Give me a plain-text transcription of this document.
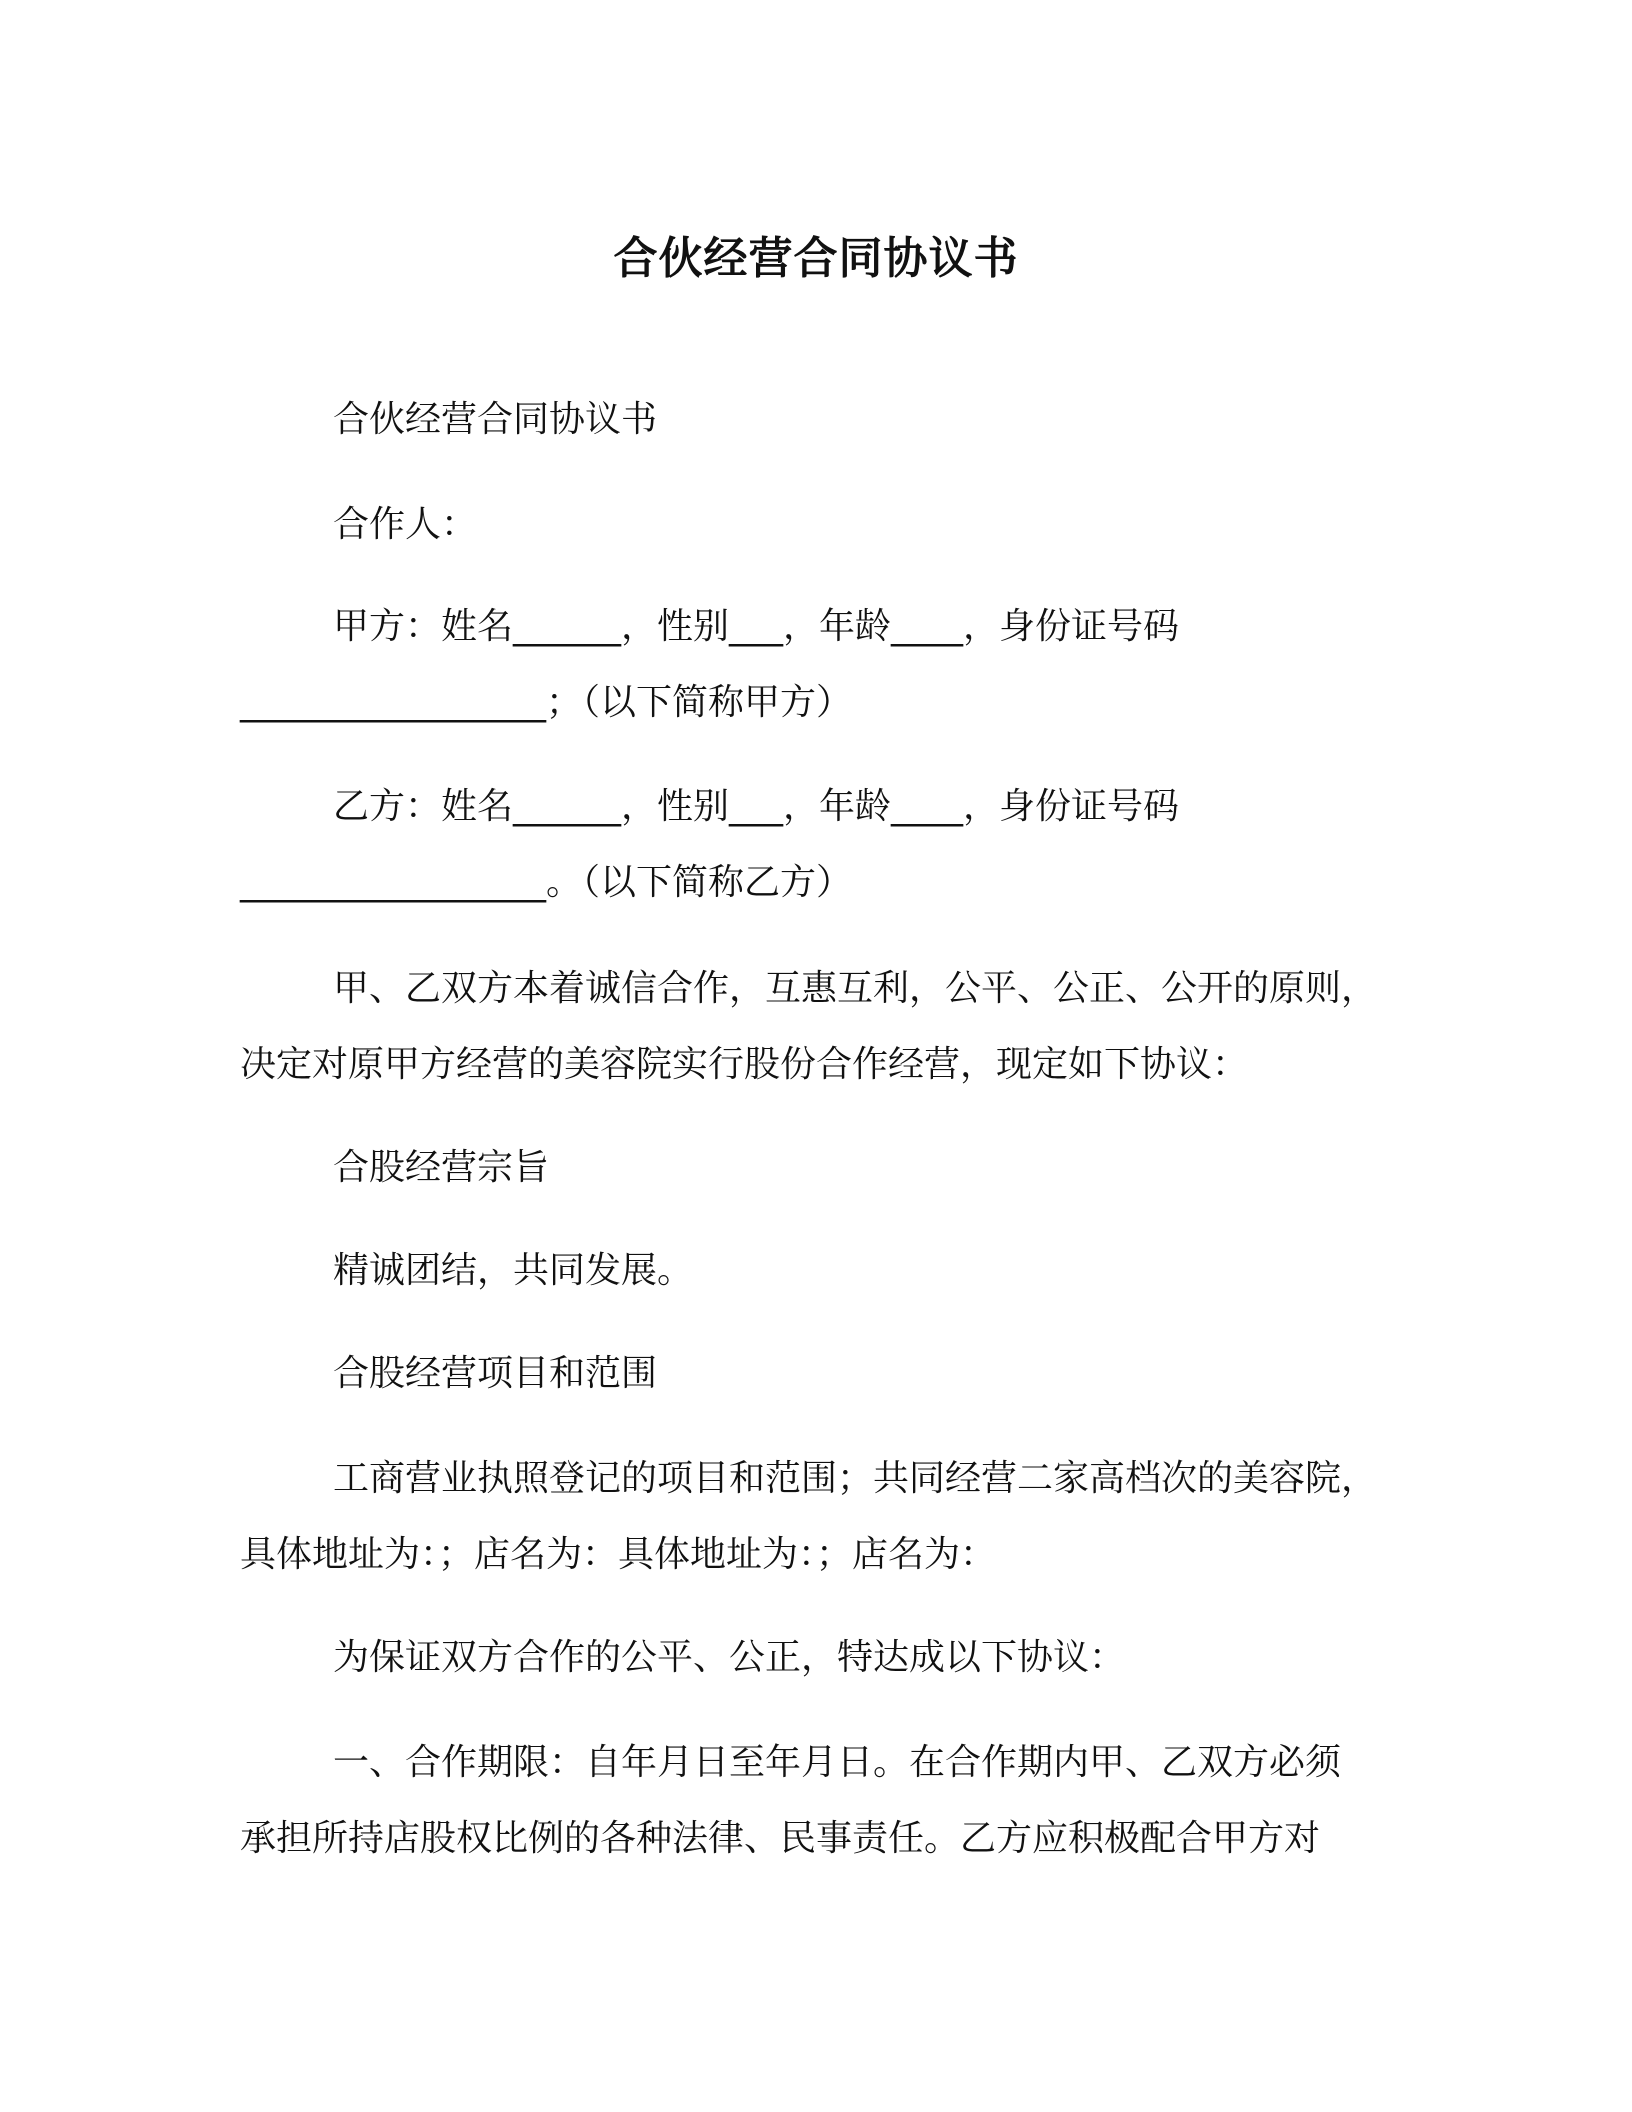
合伙经营合同协议书
合伙经营合同协议书
合作人：
甲方：姓名______，性别___，年龄____，身份证号码
_________________；（以下简称甲方）
乙方：姓名______，性别___，年龄____，身份证号码
_________________。（以下简称乙方）
甲、乙双方本着诚信合作，互惠互利，公平、公正、公开的原则，
决定对原甲方经营的美容院实行股份合作经营，现定如下协议：
合股经营宗旨
精诚团结，共同发展。
合股经营项目和范围
工商营业执照登记的项目和范围；共同经营二家高档次的美容院，
具体地址为：；店名为：具体地址为：；店名为：
为保证双方合作的公平、公正，特达成以下协议：
一、合作期限：自年月日至年月日。在合作期内甲、乙双方必须
承担所持店股权比例的各种法律、民事责任。乙方应积极配合甲方对
